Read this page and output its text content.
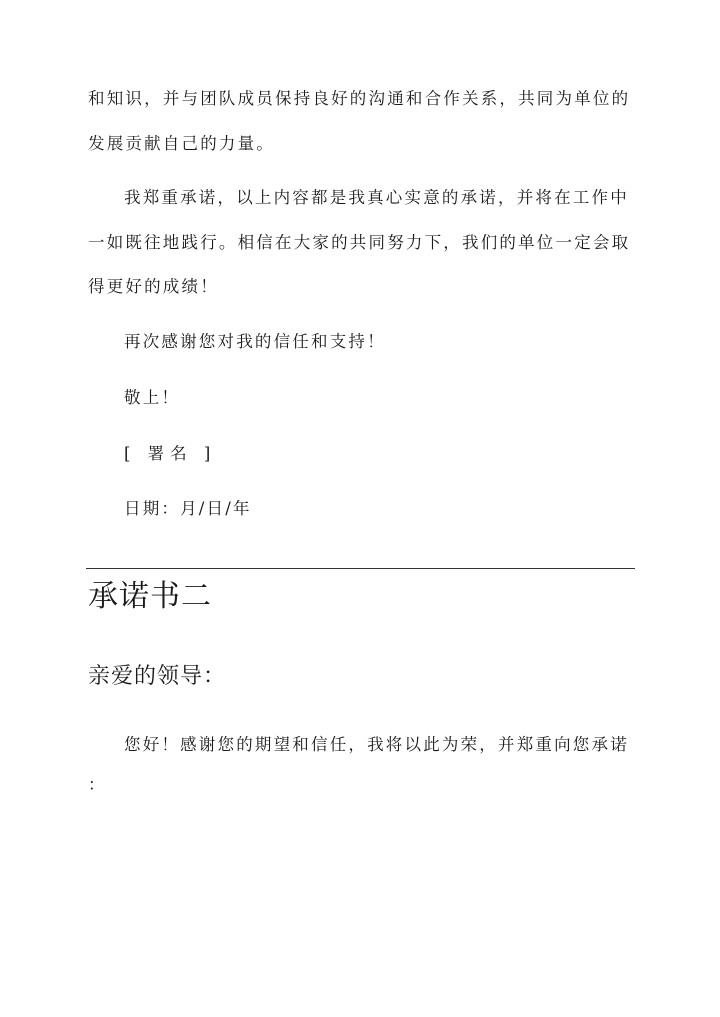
和知识，并与团队成员保持良好的沟通和合作关系，共同为单位的
发展贡献自己的力量。
我郑重承诺，以上内容都是我真心实意的承诺，并将在工作中
一如既往地践行。相信在大家的共同努力下，我们的单位一定会取
得更好的成绩！
再次感谢您对我的信任和支持！
敬上！
[ 署名 ]
日期：月/日/年
承诺书二
亲爱的领导：
您好！感谢您的期望和信任，我将以此为荣，并郑重向您承诺
：
